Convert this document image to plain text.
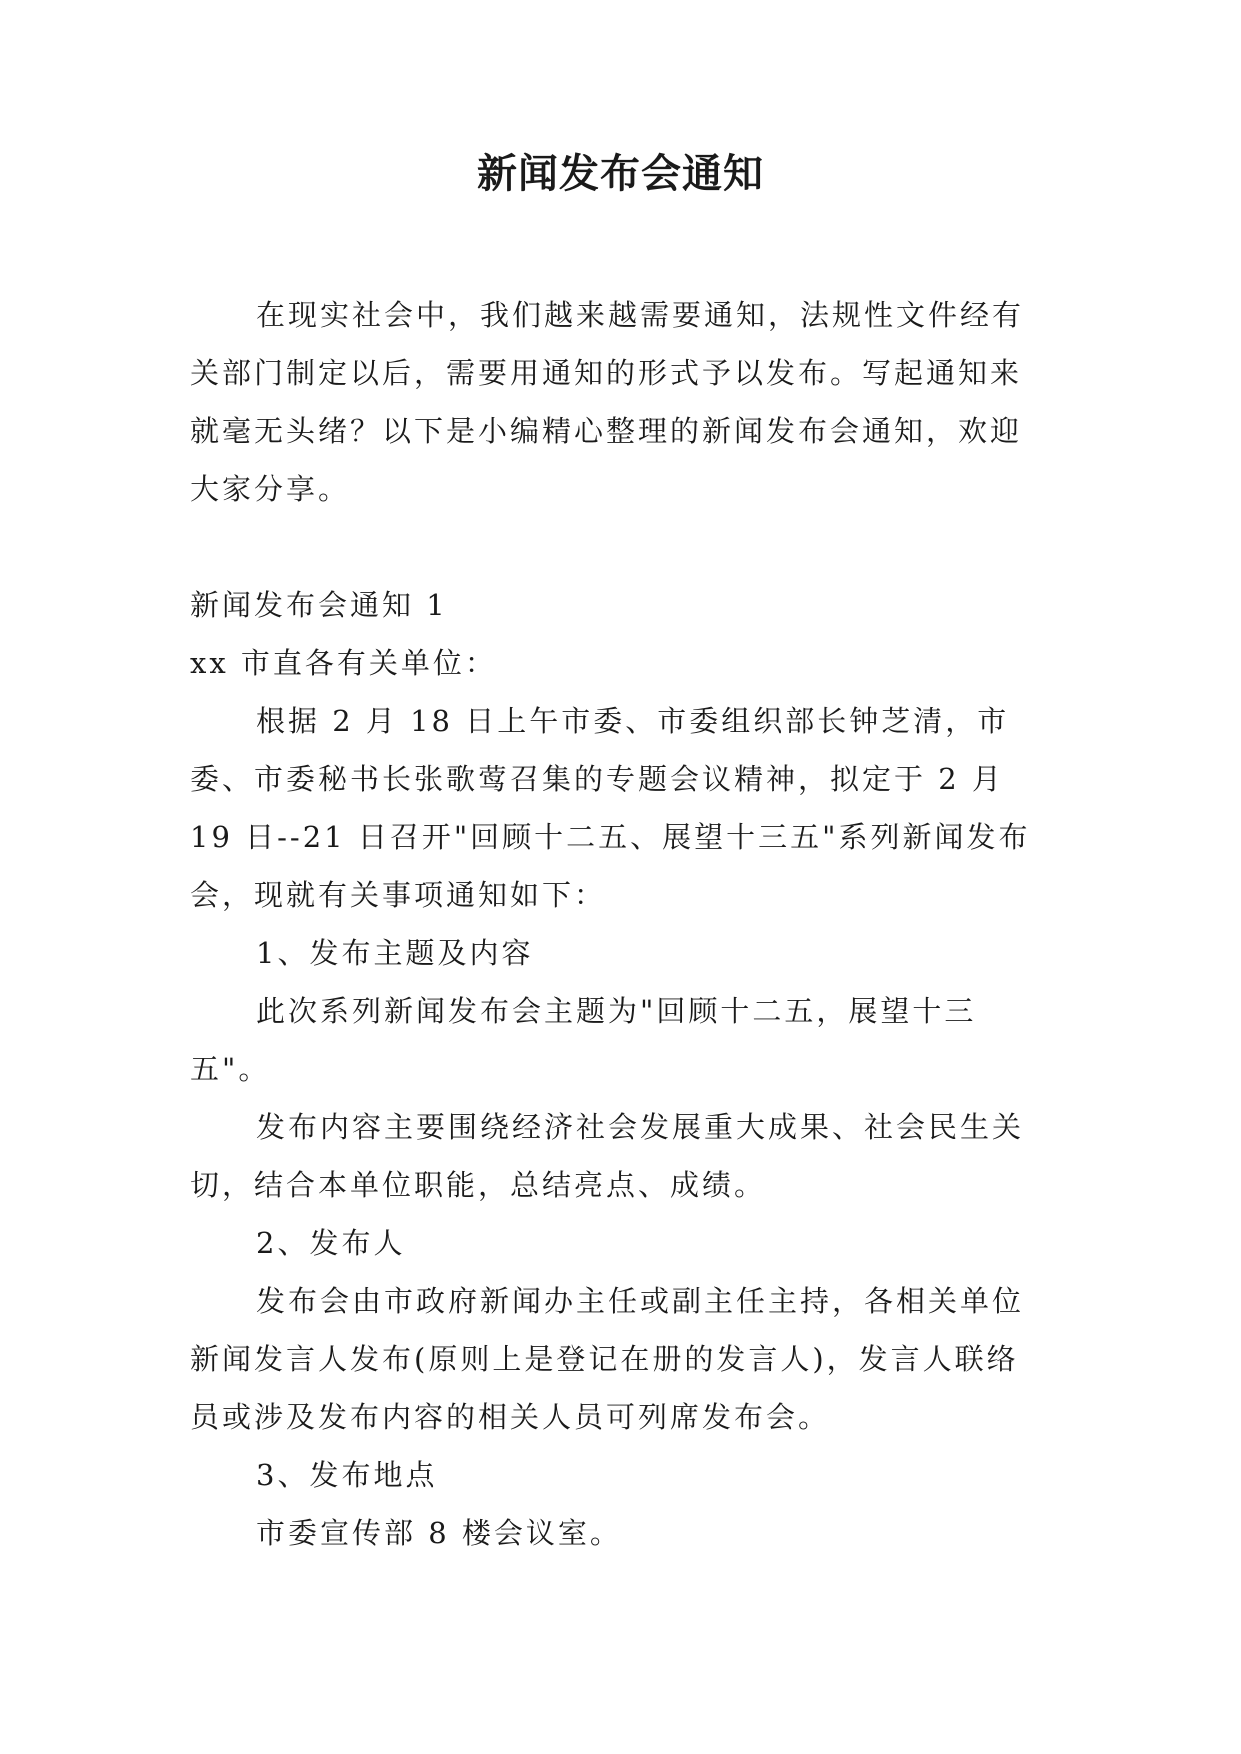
新闻发布会通知

在现实社会中，我们越来越需要通知，法规性文件经有关部门制定以后，需要用通知的形式予以发布。写起通知来就毫无头绪？以下是小编精心整理的新闻发布会通知，欢迎大家分享。

新闻发布会通知 1

xx 市直各有关单位：

根据 2 月 18 日上午市委、市委组织部长钟芝清，市委、市委秘书长张歌莺召集的专题会议精神，拟定于 2 月 19 日--21 日召开"回顾十二五、展望十三五"系列新闻发布会，现就有关事项通知如下：

1、发布主题及内容

此次系列新闻发布会主题为"回顾十二五，展望十三五"。

发布内容主要围绕经济社会发展重大成果、社会民生关切，结合本单位职能，总结亮点、成绩。

2、发布人

发布会由市政府新闻办主任或副主任主持，各相关单位新闻发言人发布(原则上是登记在册的发言人)，发言人联络员或涉及发布内容的相关人员可列席发布会。

3、发布地点

市委宣传部 8 楼会议室。
